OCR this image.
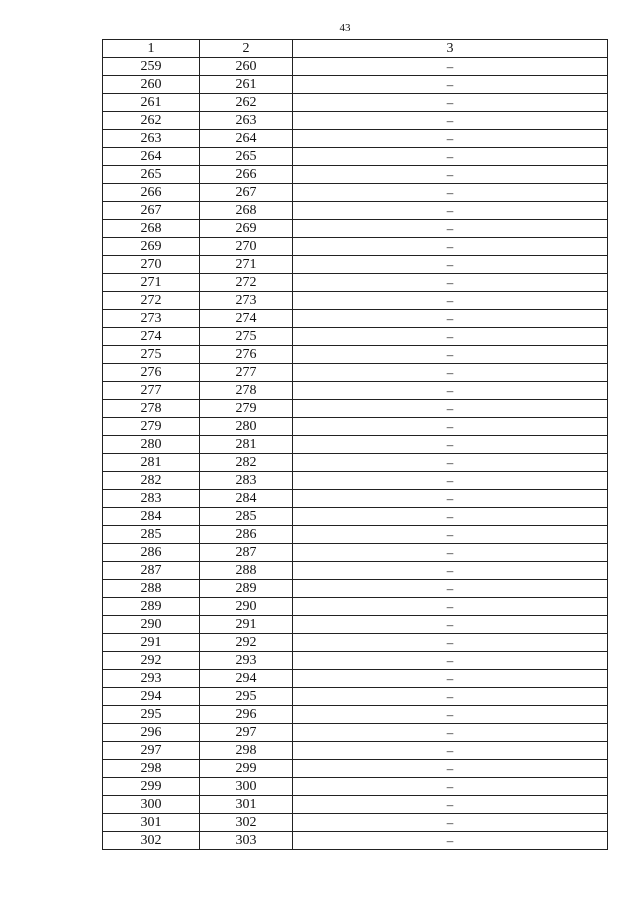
43
1	2	3
259	260	–
260	261	–
261	262	–
262	263	–
263	264	–
264	265	–
265	266	–
266	267	–
267	268	–
268	269	–
269	270	–
270	271	–
271	272	–
272	273	–
273	274	–
274	275	–
275	276	–
276	277	–
277	278	–
278	279	–
279	280	–
280	281	–
281	282	–
282	283	–
283	284	–
284	285	–
285	286	–
286	287	–
287	288	–
288	289	–
289	290	–
290	291	–
291	292	–
292	293	–
293	294	–
294	295	–
295	296	–
296	297	–
297	298	–
298	299	–
299	300	–
300	301	–
301	302	–
302	303	–
